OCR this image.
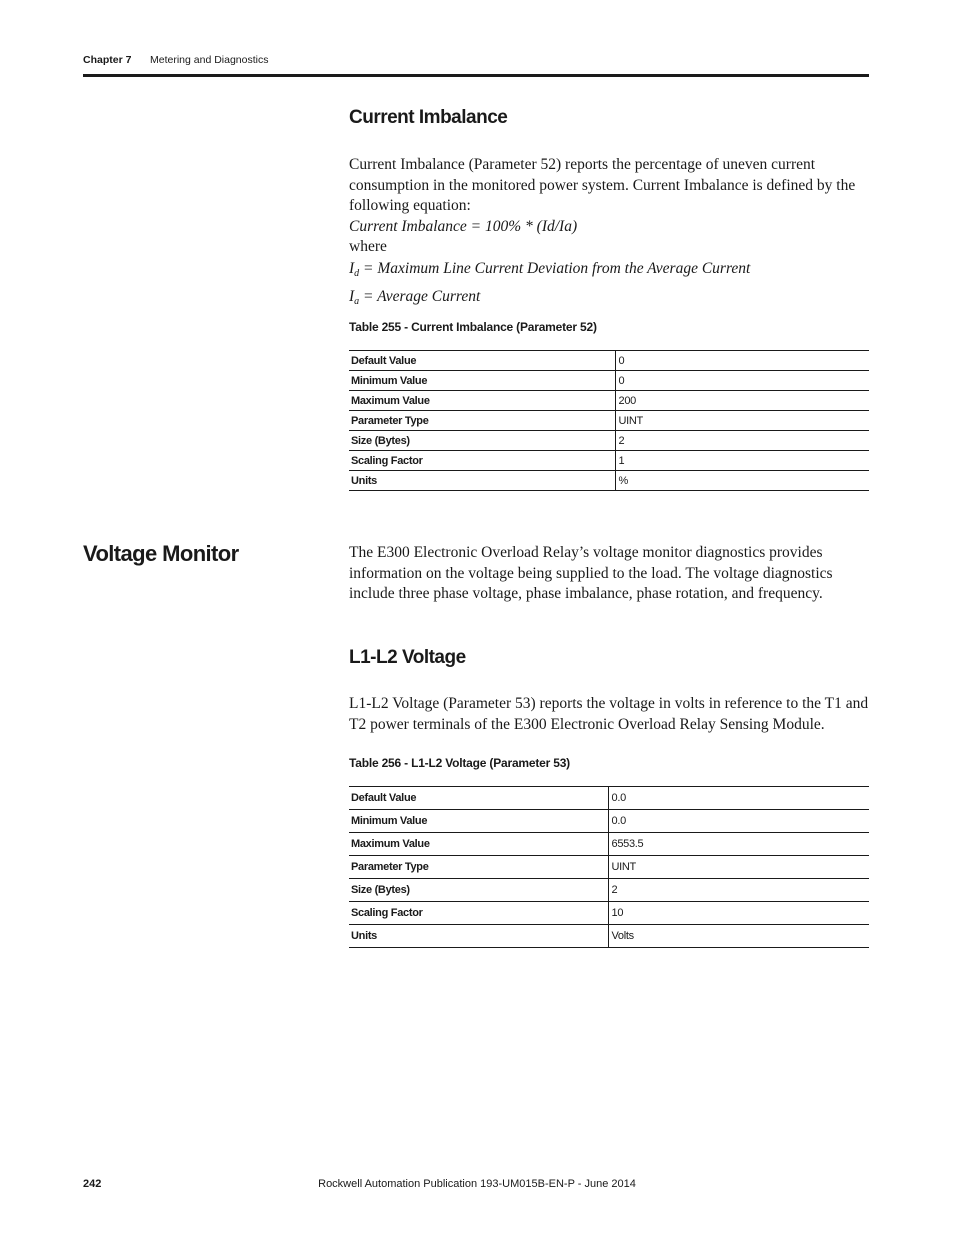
Chapter 7 Metering and Diagnostics
Current Imbalance

Current Imbalance (Parameter 52) reports the percentage of uneven current consumption in the monitored power system. Current Imbalance is defined by the following equation:

Current Imbalance = 100% * (Id/Ia)

where

$I_d$ = Maximum Line Current Deviation from the Average Current

$I_a$ = Average Current

Table 255 - Current Imbalance (Parameter 52)
Default Value	0
Minimum Value	0
Maximum Value	200
Parameter Type	UINT
Size (Bytes)	2
Scaling Factor	1
Units	%
Voltage Monitor	The E300 Electronic Overload Relay’s voltage monitor diagnostics provides information on the voltage being supplied to the load. The voltage diagnostics include three phase voltage, phase imbalance, phase rotation, and frequency.

L1-L2 Voltage

L1-L2 Voltage (Parameter 53) reports the voltage in volts in reference to the T1 and T2 power terminals of the E300 Electronic Overload Relay Sensing Module.

Table 256 - L1-L2 Voltage (Parameter 53)
Default Value	0.0
Minimum Value	0.0
Maximum Value	6553.5
Parameter Type	UINT
Size (Bytes)	2
Scaling Factor	10
Units	Volts
242	Rockwell Automation Publication 193-UM015B-EN-P - June 2014
